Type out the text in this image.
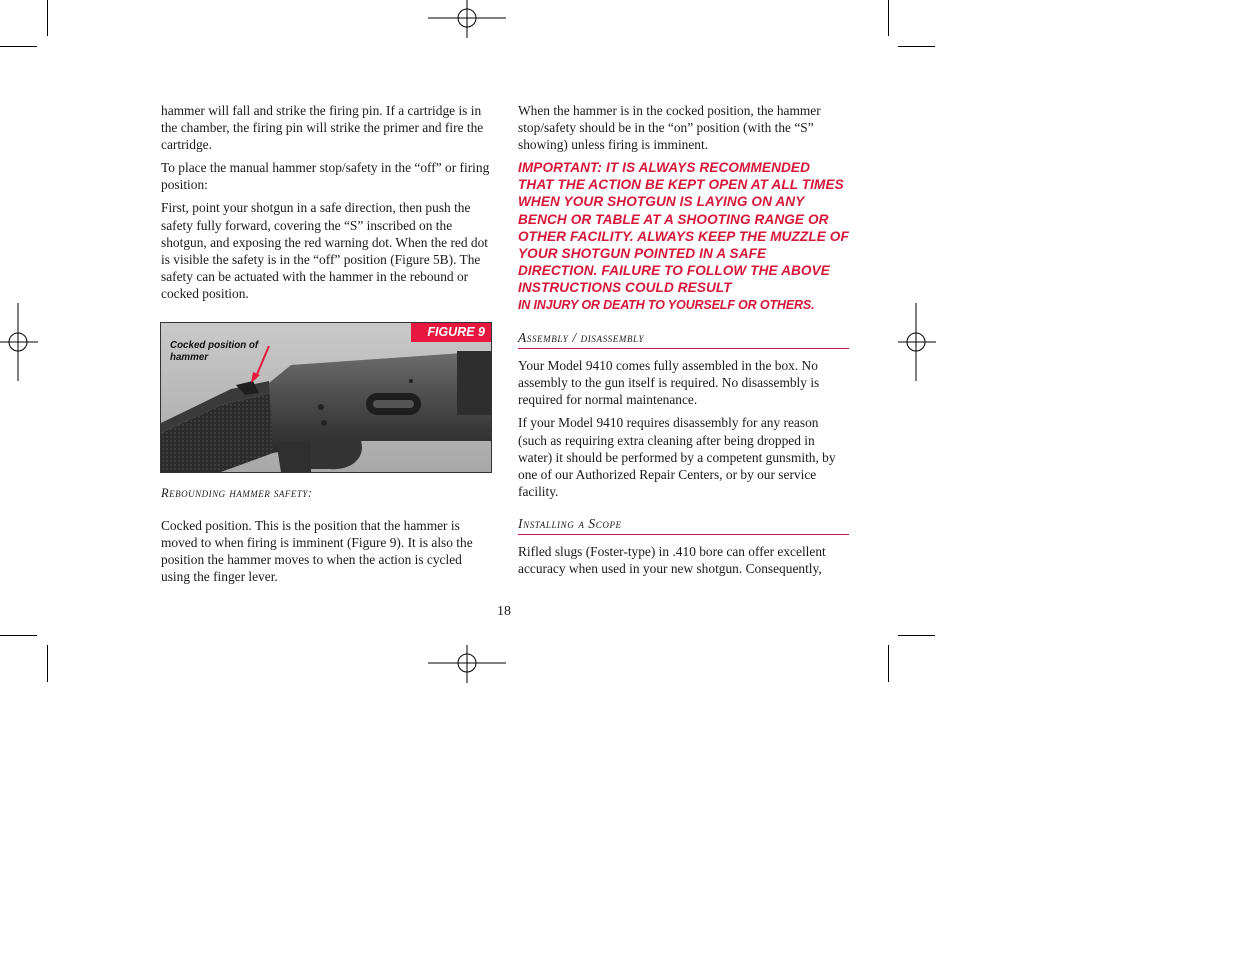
hammer will fall and strike the firing pin. If a cartridge is in the chamber, the firing pin will strike the primer and fire the cartridge.

To place the manual hammer stop/safety in the “off” or firing position:

First, point your shotgun in a safe direction, then push the safety fully forward, covering the “S” inscribed on the shotgun, and exposing the red warning dot. When the red dot is visible the safety is in the “off” position (Figure 5B). The safety can be actuated with the hammer in the rebound or cocked position.

FIGURE 9
Cocked position of hammer

Rebounding hammer safety:

Cocked position. This is the position that the hammer is moved to when firing is imminent (Figure 9). It is also the position the hammer moves to when the action is cycled using the finger lever.

When the hammer is in the cocked position, the hammer stop/safety should be in the “on” position (with the “S” showing) unless firing is imminent.

IMPORTANT: IT IS ALWAYS RECOMMENDED THAT THE ACTION BE KEPT OPEN AT ALL TIMES WHEN YOUR SHOTGUN IS LAYING ON ANY BENCH OR TABLE AT A SHOOTING RANGE OR OTHER FACILITY. ALWAYS KEEP THE MUZZLE OF YOUR SHOTGUN POINTED IN A SAFE DIRECTION. FAILURE TO FOLLOW THE ABOVE INSTRUCTIONS COULD RESULT
IN INJURY OR DEATH TO YOURSELF OR OTHERS.

Assembly / disassembly

Your Model 9410 comes fully assembled in the box. No assembly to the gun itself is required. No disassembly is required for normal maintenance.

If your Model 9410 requires disassembly for any reason (such as requiring extra cleaning after being dropped in water) it should be performed by a competent gunsmith, by one of our Authorized Repair Centers, or by our service facility.

Installing a Scope

Rifled slugs (Foster-type) in .410 bore can offer excellent accuracy when used in your new shotgun. Consequently,

18
